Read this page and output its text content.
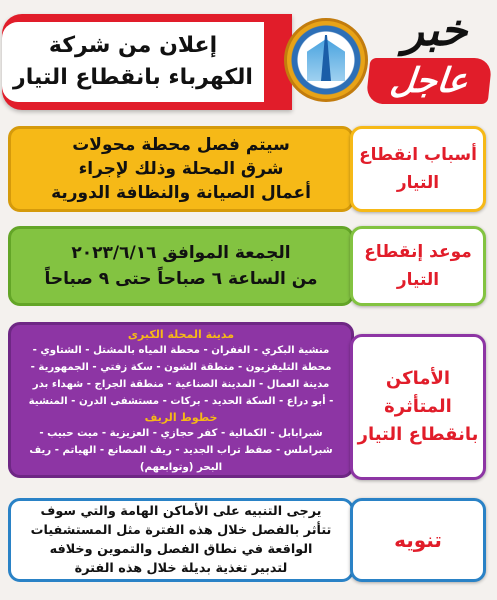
إعلان من شركة
الكهرباء بانقطاع التيار
خبر
عاجل
سيتم فصل محطة محولات
شرق المحلة وذلك لإجراء
أعمال الصيانة والنظافة الدورية
أسباب انقطاع التيار
الجمعة الموافق ٢٠٢٣/٦/١٦
من الساعة ٦ صباحاً حتى ٩ صباحاً
موعد إنقطاع التيار
مدينة المحلة الكبرى
منشية البكري - الغفران - محطة المياه بالمشتل - الشتاوي -
محطة التليفزيون - منطقة الشون - سكة زفتي - الجمهورية -
مدينة العمال - المدينة الصناعية - منطقة الجراج - شهداء بدر
- أبو دراع - السكة الحديد - بركات - مستشفى الدرن - المنشية
خطوط الريف
شبرابابل - الكمالية - كفر حجازي - العزيزية - ميت حبيب -
شبراملس - صفط تراب الجديد - ريف المصانع - الهياتم - ريف
البحر (وتوابعهم)
الأماكن المتأثرة بانقطاع التيار
يرجى التنبيه على الأماكن الهامة والتي سوف
تتأثر بالفصل خلال هذه الفترة مثل المستشفيات
الواقعة في نطاق الفصل والتموين وخلافه
لتدبير تغذية بديلة خلال هذه الفترة
تنويه
